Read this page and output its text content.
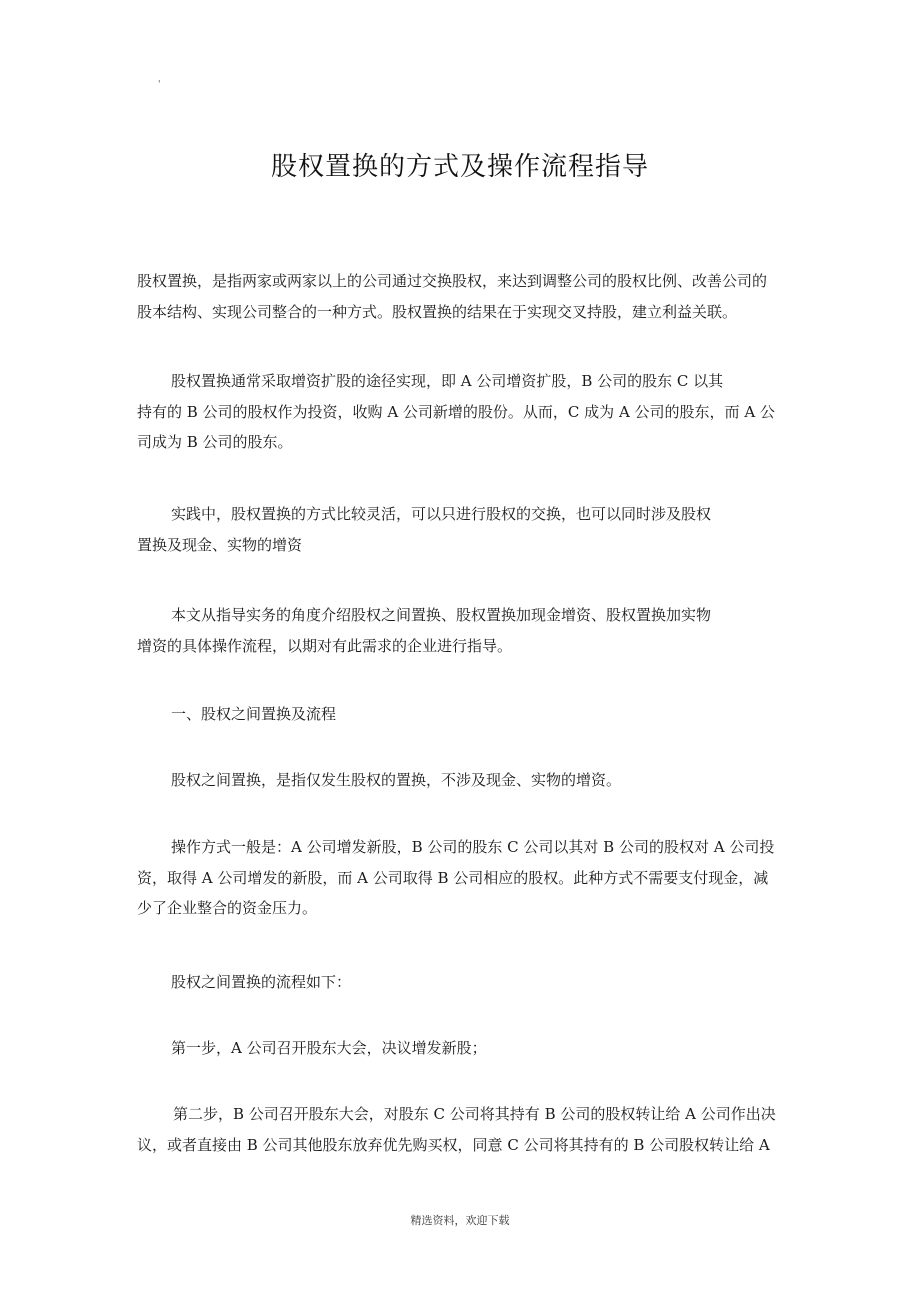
'
股权置换的方式及操作流程指导
股权置换，是指两家或两家以上的公司通过交换股权，来达到调整公司的股权比例、改善公司的
股本结构、实现公司整合的一种方式。股权置换的结果在于实现交叉持股，建立利益关联。
股权置换通常采取增资扩股的途径实现，即 A 公司增资扩股，B 公司的股东 C 以其
持有的 B 公司的股权作为投资，收购 A 公司新增的股份。从而，C 成为 A 公司的股东，而 A 公
司成为 B 公司的股东。
实践中，股权置换的方式比较灵活，可以只进行股权的交换，也可以同时涉及股权
置换及现金、实物的增资
本文从指导实务的角度介绍股权之间置换、股权置换加现金增资、股权置换加实物
增资的具体操作流程，以期对有此需求的企业进行指导。
一、股权之间置换及流程
股权之间置换，是指仅发生股权的置换，不涉及现金、实物的增资。
操作方式一般是：A 公司增发新股，B 公司的股东 C 公司以其对 B 公司的股权对 A 公司投
资，取得 A 公司增发的新股，而 A 公司取得 B 公司相应的股权。此种方式不需要支付现金，减
少了企业整合的资金压力。
股权之间置换的流程如下：
第一步，A 公司召开股东大会，决议增发新股；
第二步，B 公司召开股东大会，对股东 C 公司将其持有 B 公司的股权转让给 A 公司作出决
议，或者直接由 B 公司其他股东放弃优先购买权，同意 C 公司将其持有的 B 公司股权转让给 A
精选资料，欢迎下载
